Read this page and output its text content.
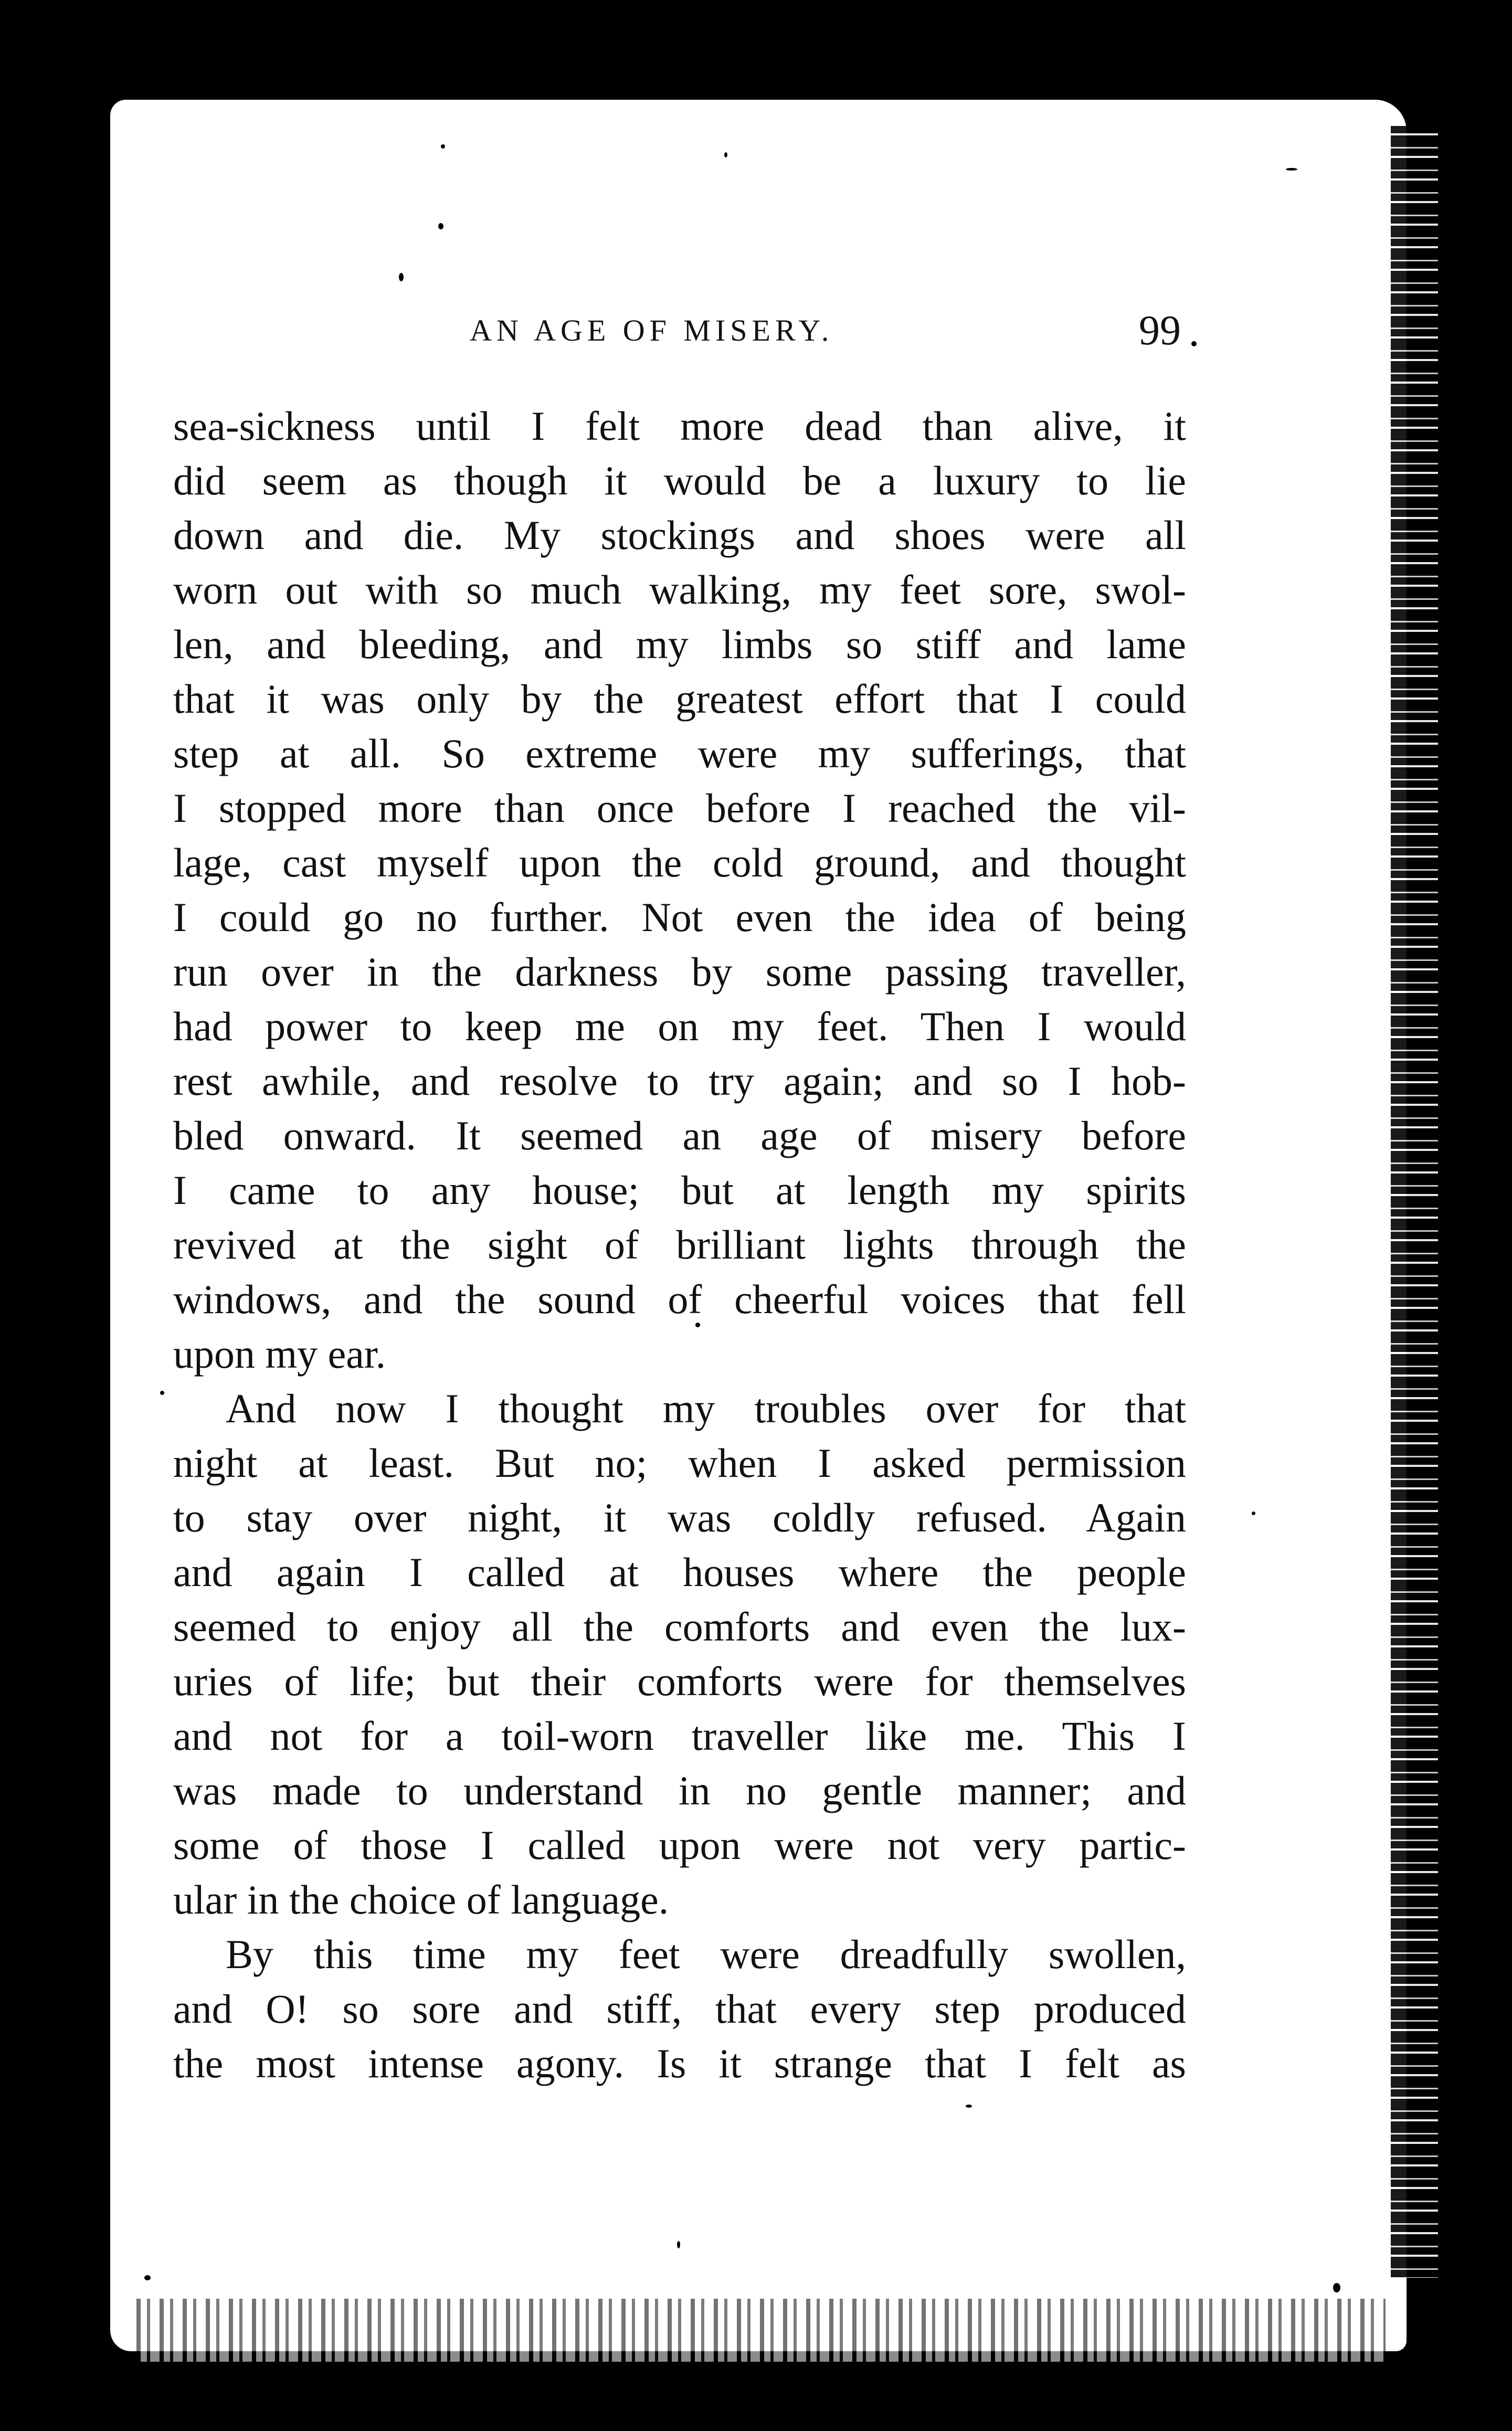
AN AGE OF MISERY.	99
sea-sickness until I felt more dead than alive, it
did seem as though it would be a luxury to lie
down and die. My stockings and shoes were all
worn out with so much walking, my feet sore, swol-
len, and bleeding, and my limbs so stiff and lame
that it was only by the greatest effort that I could
step at all. So extreme were my sufferings, that
I stopped more than once before I reached the vil-
lage, cast myself upon the cold ground, and thought
I could go no further. Not even the idea of being
run over in the darkness by some passing traveller,
had power to keep me on my feet. Then I would
rest awhile, and resolve to try again; and so I hob-
bled onward. It seemed an age of misery before
I came to any house; but at length my spirits
revived at the sight of brilliant lights through the
windows, and the sound of cheerful voices that fell
upon my ear.
And now I thought my troubles over for that
night at least. But no; when I asked permission
to stay over night, it was coldly refused. Again
and again I called at houses where the people
seemed to enjoy all the comforts and even the lux-
uries of life; but their comforts were for themselves
and not for a toil-worn traveller like me. This I
was made to understand in no gentle manner; and
some of those I called upon were not very partic-
ular in the choice of language.
By this time my feet were dreadfully swollen,
and O! so sore and stiff, that every step produced
the most intense agony. Is it strange that I felt as
